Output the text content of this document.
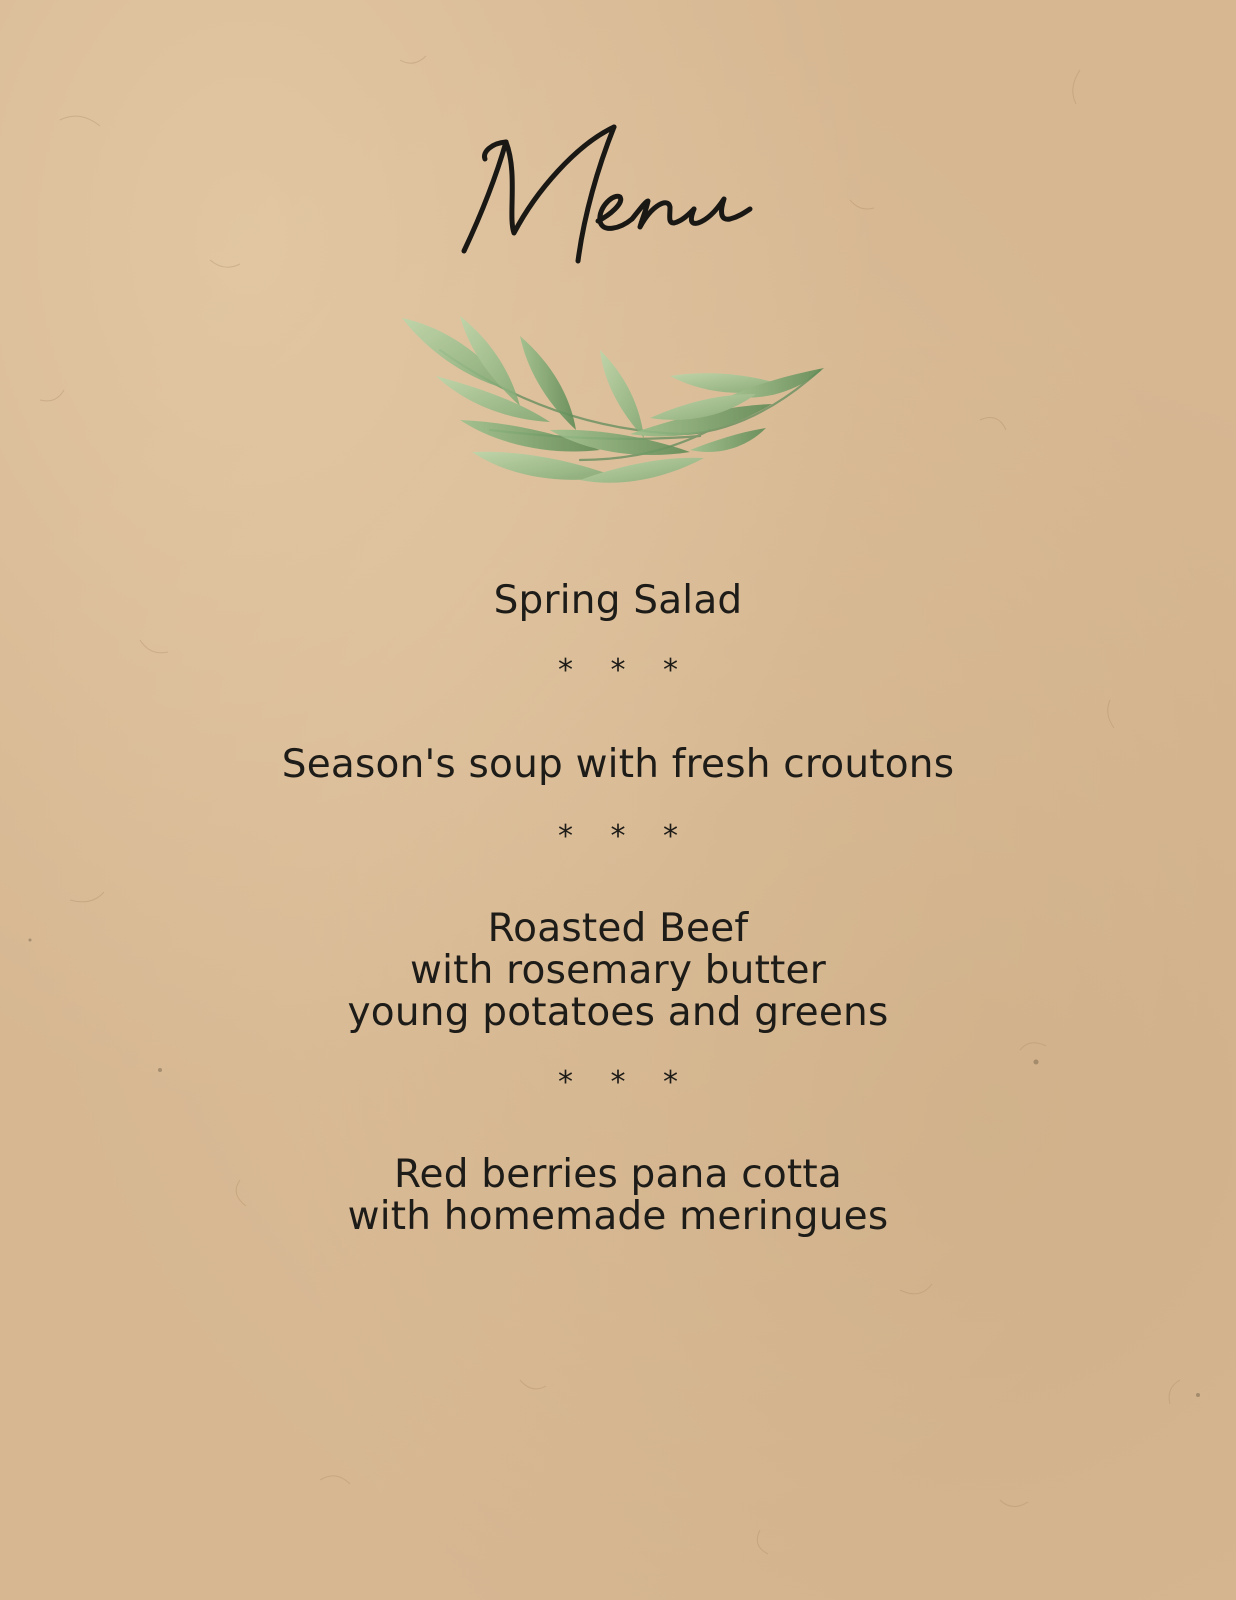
Spring Salad
* * *
Season's soup with fresh croutons
* * *
Roasted Beef
with rosemary butter
young potatoes and greens
* * *
Red berries pana cotta
with homemade meringues
